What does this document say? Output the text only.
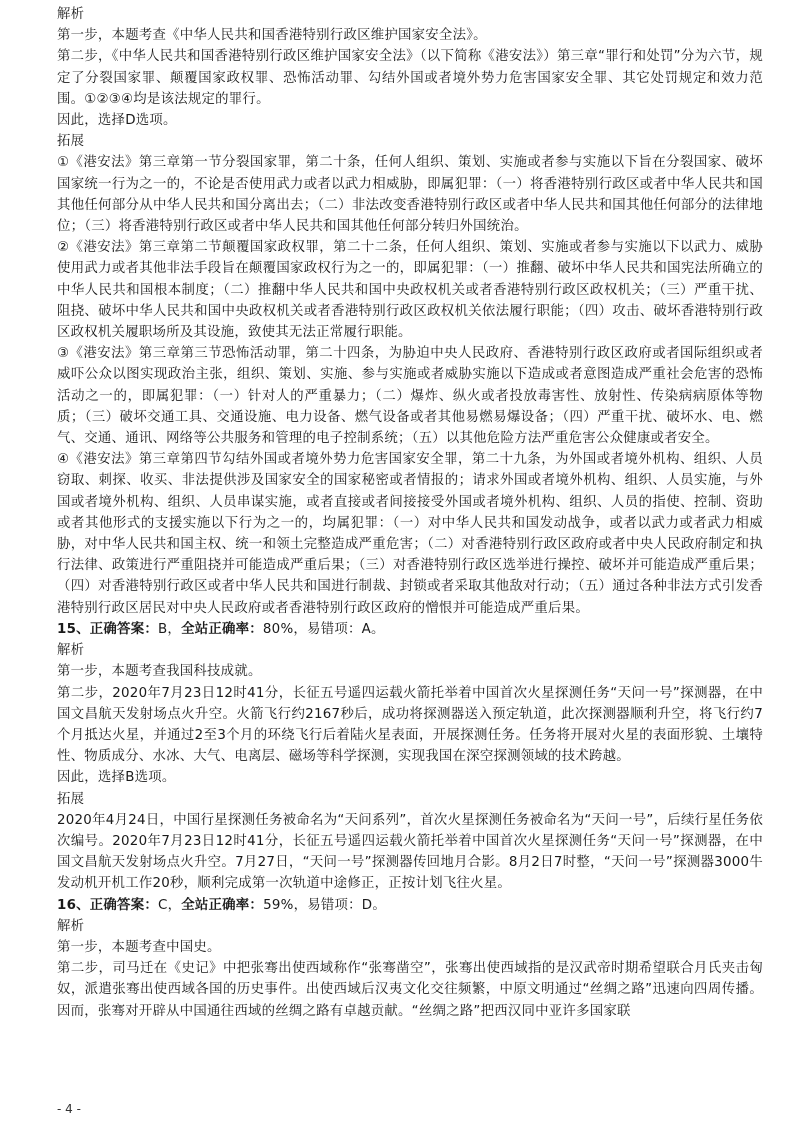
解析
第一步，本题考查《中华人民共和国香港特别行政区维护国家安全法》。
第二步，《中华人民共和国香港特别行政区维护国家安全法》（以下简称《港安法》）第三章“罪行和处罚”分为六节，规定了分裂国家罪、颠覆国家政权罪、恐怖活动罪、勾结外国或者境外势力危害国家安全罪、其它处罚规定和效力范围。①②③④均是该法规定的罪行。
因此，选择D选项。
拓展
①《港安法》第三章第一节分裂国家罪，第二十条，任何人组织、策划、实施或者参与实施以下旨在分裂国家、破坏国家统一行为之一的，不论是否使用武力或者以武力相威胁，即属犯罪：（一）将香港特别行政区或者中华人民共和国其他任何部分从中华人民共和国分离出去；（二）非法改变香港特别行政区或者中华人民共和国其他任何部分的法律地位；（三）将香港特别行政区或者中华人民共和国其他任何部分转归外国统治。
②《港安法》第三章第二节颠覆国家政权罪，第二十二条，任何人组织、策划、实施或者参与实施以下以武力、威胁使用武力或者其他非法手段旨在颠覆国家政权行为之一的，即属犯罪：（一）推翻、破坏中华人民共和国宪法所确立的中华人民共和国根本制度；（二）推翻中华人民共和国中央政权机关或者香港特别行政区政权机关；（三）严重干扰、阻挠、破坏中华人民共和国中央政权机关或者香港特别行政区政权机关依法履行职能；（四）攻击、破坏香港特别行政区政权机关履职场所及其设施，致使其无法正常履行职能。
③《港安法》第三章第三节恐怖活动罪，第二十四条，为胁迫中央人民政府、香港特别行政区政府或者国际组织或者威吓公众以图实现政治主张，组织、策划、实施、参与实施或者威胁实施以下造成或者意图造成严重社会危害的恐怖活动之一的，即属犯罪：（一）针对人的严重暴力；（二）爆炸、纵火或者投放毒害性、放射性、传染病病原体等物质；（三）破坏交通工具、交通设施、电力设备、燃气设备或者其他易燃易爆设备；（四）严重干扰、破坏水、电、燃气、交通、通讯、网络等公共服务和管理的电子控制系统；（五）以其他危险方法严重危害公众健康或者安全。
④《港安法》第三章第四节勾结外国或者境外势力危害国家安全罪，第二十九条，为外国或者境外机构、组织、人员窃取、刺探、收买、非法提供涉及国家安全的国家秘密或者情报的；请求外国或者境外机构、组织、人员实施，与外国或者境外机构、组织、人员串谋实施，或者直接或者间接接受外国或者境外机构、组织、人员的指使、控制、资助或者其他形式的支援实施以下行为之一的，均属犯罪：（一）对中华人民共和国发动战争，或者以武力或者武力相威胁，对中华人民共和国主权、统一和领土完整造成严重危害；（二）对香港特别行政区政府或者中央人民政府制定和执行法律、政策进行严重阻挠并可能造成严重后果；（三）对香港特别行政区选举进行操控、破坏并可能造成严重后果；（四）对香港特别行政区或者中华人民共和国进行制裁、封锁或者采取其他敌对行动；（五）通过各种非法方式引发香港特别行政区居民对中央人民政府或者香港特别行政区政府的憎恨并可能造成严重后果。
15、正确答案：B，全站正确率：80%，易错项：A。
解析
第一步，本题考查我国科技成就。
第二步，2020年7月23日12时41分，长征五号遥四运载火箭托举着中国首次火星探测任务“天问一号”探测器，在中国文昌航天发射场点火升空。火箭飞行约2167秒后，成功将探测器送入预定轨道，此次探测器顺利升空，将飞行约7个月抵达火星，并通过2至3个月的环绕飞行后着陆火星表面，开展探测任务。任务将开展对火星的表面形貌、土壤特性、物质成分、水冰、大气、电离层、磁场等科学探测，实现我国在深空探测领域的技术跨越。
因此，选择B选项。
拓展
2020年4月24日，中国行星探测任务被命名为“天问系列”，首次火星探测任务被命名为“天问一号”，后续行星任务依次编号。2020年7月23日12时41分，长征五号遥四运载火箭托举着中国首次火星探测任务“天问一号”探测器，在中国文昌航天发射场点火升空。7月27日，“天问一号”探测器传回地月合影。8月2日7时整，“天问一号”探测器3000牛发动机开机工作20秒，顺利完成第一次轨道中途修正，正按计划飞往火星。
16、正确答案：C，全站正确率：59%，易错项：D。
解析
第一步，本题考查中国史。
第二步，司马迁在《史记》中把张骞出使西域称作“张骞凿空”，张骞出使西域指的是汉武帝时期希望联合月氏夹击匈奴，派遣张骞出使西域各国的历史事件。出使西域后汉夷文化交往频繁，中原文明通过“丝绸之路”迅速向四周传播。因而，张骞对开辟从中国通往西域的丝绸之路有卓越贡献。“丝绸之路”把西汉同中亚许多国家联
- 4 -
